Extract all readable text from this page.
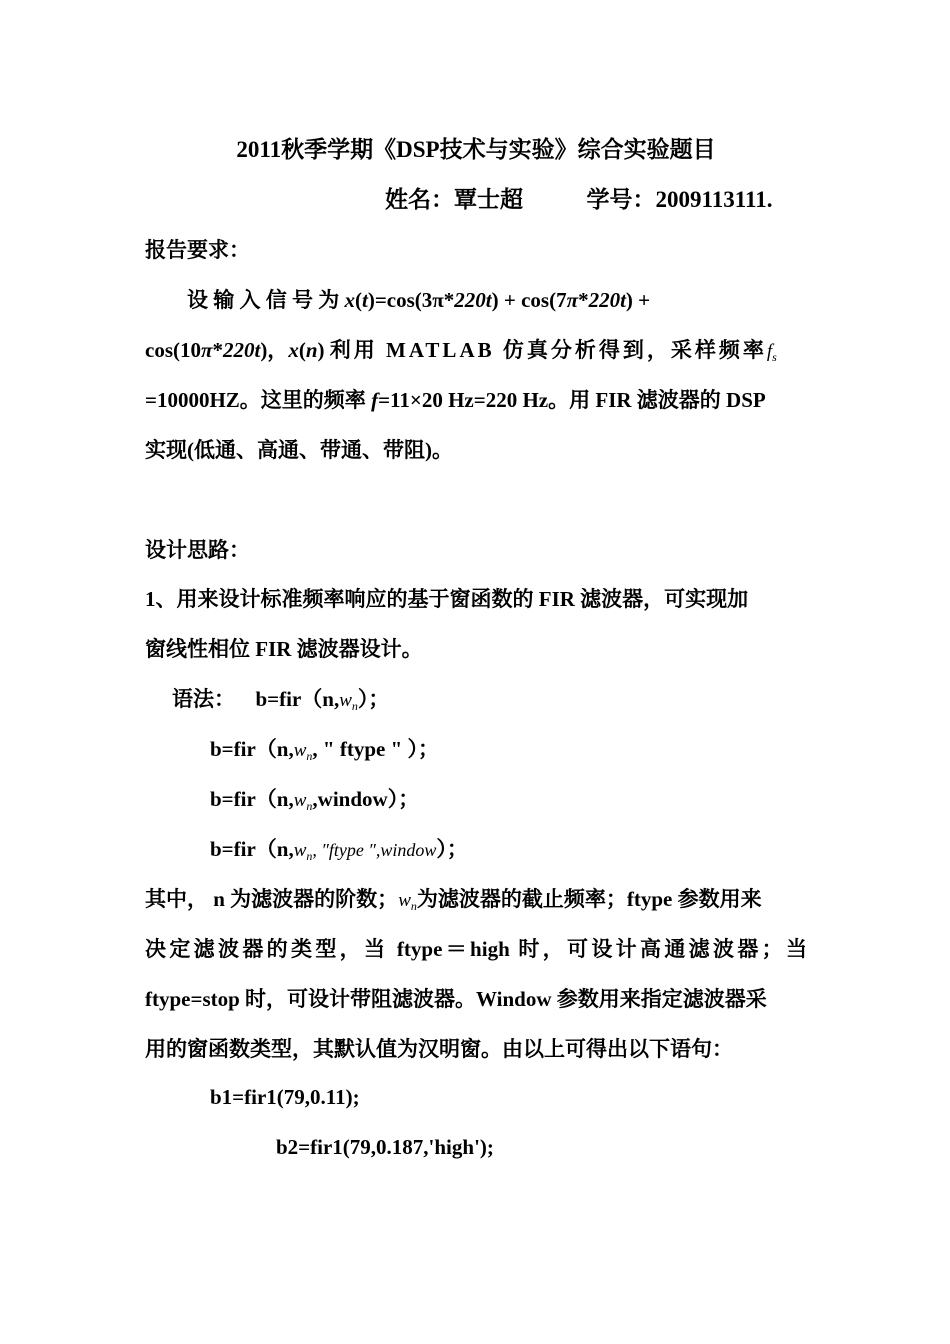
2011秋季学期《DSP技术与实验》综合实验题目
姓名：覃士超	学号：2009113111.
报告要求：
设 输 入 信 号 为 x(t)=cos(3π*220t) + cos(7π*220t) +
cos(10π*220t)，x(n) 利用 MATLAB 仿真分析得到，采样频率$f_s$
=10000HZ。这里的频率 f=11×20 Hz=220 Hz。用 FIR 滤波器的 DSP
实现(低通、高通、带通、带阻)。
设计思路：
1、用来设计标准频率响应的基于窗函数的 FIR 滤波器，可实现加
窗线性相位 FIR 滤波器设计。
语法： $b=fir(n,w_n)$；
$b=fir(n,w_n$, " ftype " ）；
$b=fir(n,w_n,window)$；
$b=fir(n,w_n$, ″ftype ″,window）；
其中， n 为滤波器的阶数；$w_n$为滤波器的截止频率；ftype 参数用来
决定滤波器的类型，当 ftype＝high 时，可设计高通滤波器；当
ftype=stop 时，可设计带阻滤波器。Window 参数用来指定滤波器采
用的窗函数类型，其默认值为汉明窗。由以上可得出以下语句：
b1=fir1(79,0.11);
b2=fir1(79,0.187,'high');
